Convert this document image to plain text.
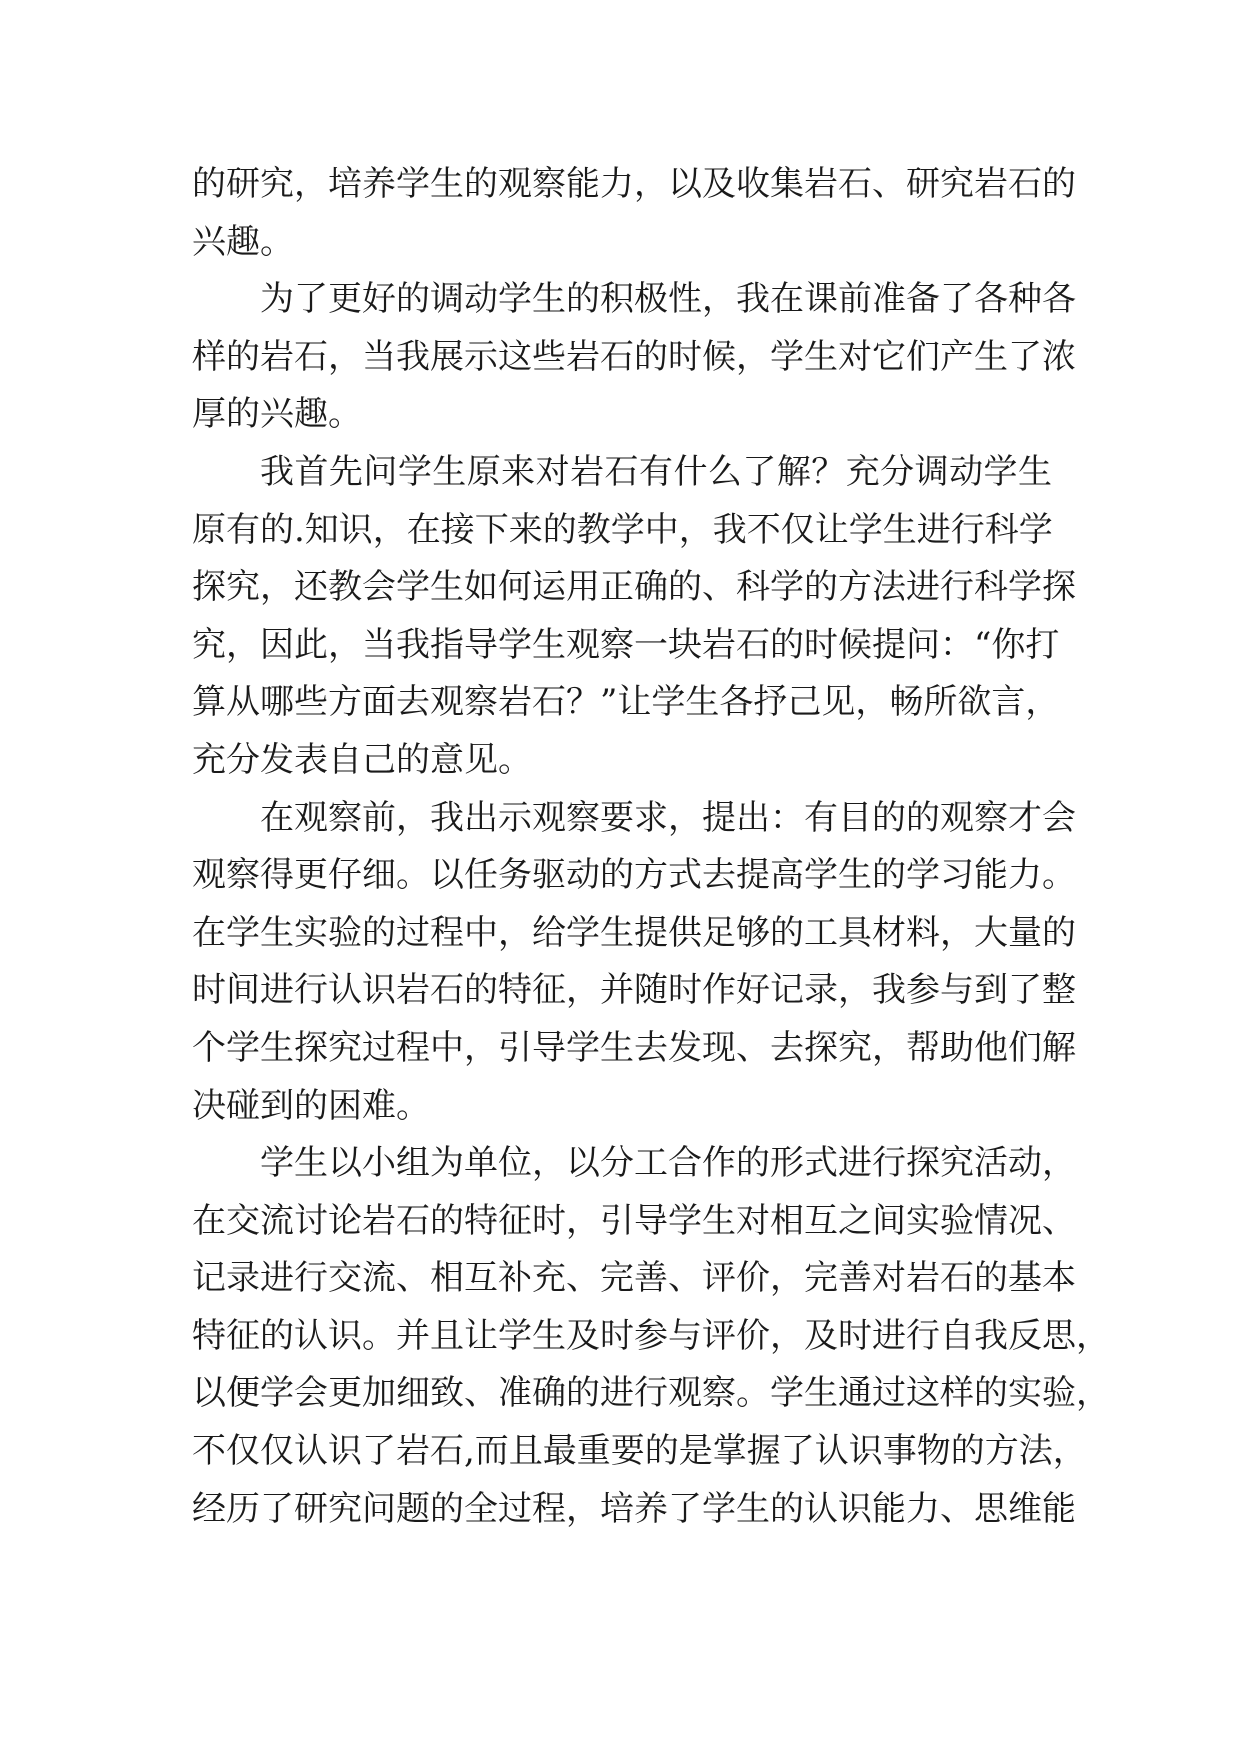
的研究，培养学生的观察能力，以及收集岩石、研究岩石的
兴趣。
为了更好的调动学生的积极性，我在课前准备了各种各
样的岩石，当我展示这些岩石的时候，学生对它们产生了浓
厚的兴趣。
我首先问学生原来对岩石有什么了解？充分调动学生
原有的.知识，在接下来的教学中，我不仅让学生进行科学
探究，还教会学生如何运用正确的、科学的方法进行科学探
究，因此，当我指导学生观察一块岩石的时候提问：“你打
算从哪些方面去观察岩石？”让学生各抒己见，畅所欲言，
充分发表自己的意见。
在观察前，我出示观察要求，提出：有目的的观察才会
观察得更仔细。以任务驱动的方式去提高学生的学习能力。
在学生实验的过程中，给学生提供足够的工具材料，大量的
时间进行认识岩石的特征，并随时作好记录，我参与到了整
个学生探究过程中，引导学生去发现、去探究，帮助他们解
决碰到的困难。
学生以小组为单位，以分工合作的形式进行探究活动，
在交流讨论岩石的特征时，引导学生对相互之间实验情况、
记录进行交流、相互补充、完善、评价，完善对岩石的基本
特征的认识。并且让学生及时参与评价，及时进行自我反思，
以便学会更加细致、准确的进行观察。学生通过这样的实验，
不仅仅认识了岩石,而且最重要的是掌握了认识事物的方法，
经历了研究问题的全过程，培养了学生的认识能力、思维能
